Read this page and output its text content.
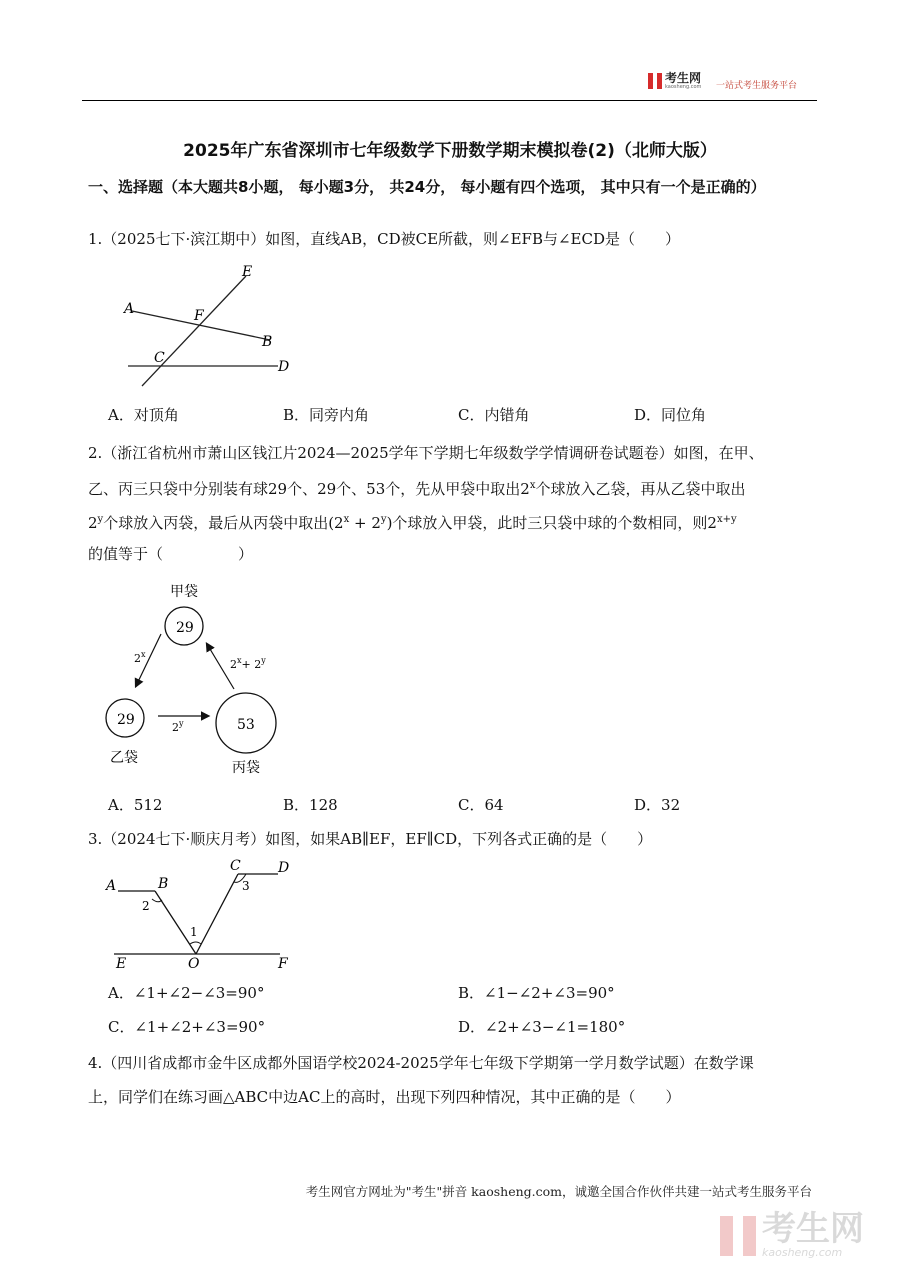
考生网
kaosheng.com 一站式考生服务平台
2025年广东省深圳市七年级数学下册数学期末模拟卷(2)（北师大版）
一、选择题（本大题共8小题， 每小题3分， 共24分， 每小题有四个选项， 其中只有一个是正确的）
1.（2025七下·滨江期中）如图，直线AB，CD被CE所截，则∠EFB与∠ECD是（　　）
A
B
C
D
E
F
A．对顶角	B．同旁内角	C．内错角	D．同位角
2.（浙江省杭州市萧山区钱江片2024—2025学年下学期七年级数学学情调研卷试题卷）如图，在甲、
乙、丙三只袋中分别装有球29个、29个、53个，先从甲袋中取出2$^x$个球放入乙袋，再从乙袋中取出
2$^y$个球放入丙袋，最后从丙袋中取出$(2^x + 2^y)$个球放入甲袋，此时三只袋中球的个数相同，则$2^{x+y}$
的值等于（　　　　　）
甲袋
29
29
乙袋
53
丙袋
2$^x$
2$^y$
$2^x+ 2^y$
A．512	B．128	C．64	D．32
3.（2024七下·顺庆月考）如图，如果AB∥EF，EF∥CD，下列各式正确的是（　　）
A	B
C	D
E	O	F
1
2
3
A．∠1+∠2−∠3=90°	B．∠1−∠2+∠3=90°
C．∠1+∠2+∠3=90°	D．∠2+∠3−∠1=180°
4.（四川省成都市金牛区成都外国语学校2024-2025学年七年级下学期第一学月数学试题）在数学课
上，同学们在练习画△ABC中边AC上的高时，出现下列四种情况，其中正确的是（　　）
考生网官方网址为"考生"拼音 kaosheng.com，诚邀全国合作伙伴共建一站式考生服务平台
考生网
kaosheng.com
